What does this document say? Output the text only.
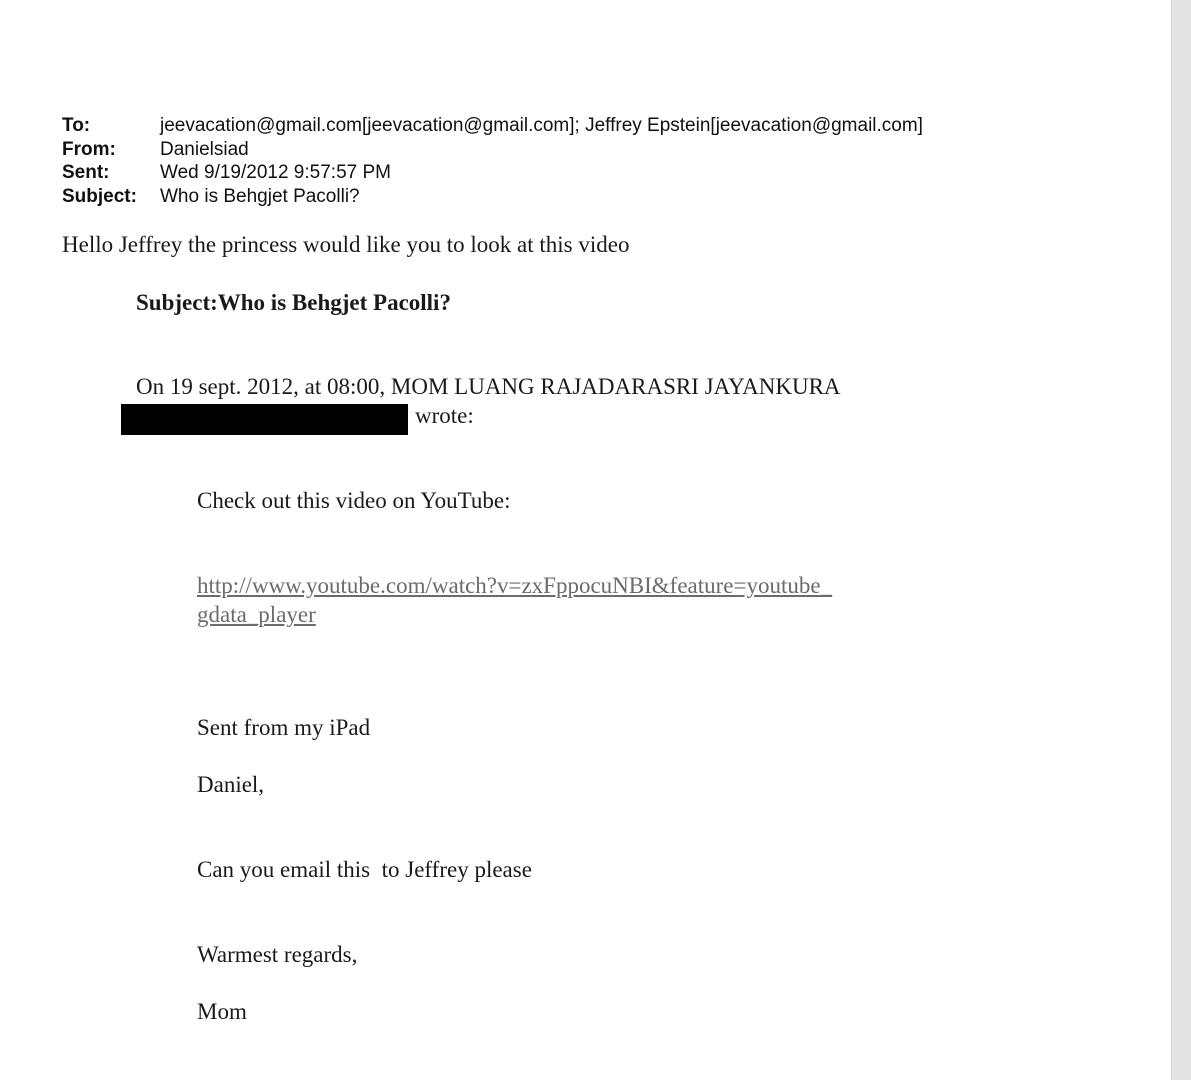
To:	jeevacation@gmail.com[jeevacation@gmail.com]; Jeffrey Epstein[jeevacation@gmail.com]
From:	Danielsiad
Sent:	Wed 9/19/2012 9:57:57 PM
Subject:	Who is Behgjet Pacolli?
Hello Jeffrey the princess would like you to look at this video
Subject:Who is Behgjet Pacolli?
On 19 sept. 2012, at 08:00, MOM LUANG RAJADARASRI JAYANKURA
wrote:
Check out this video on YouTube:
http://www.youtube.com/watch?v=zxFppocuNBI&feature=youtube_
gdata_player
Sent from my iPad
Daniel,
Can you email this  to Jeffrey please
Warmest regards,
Mom
